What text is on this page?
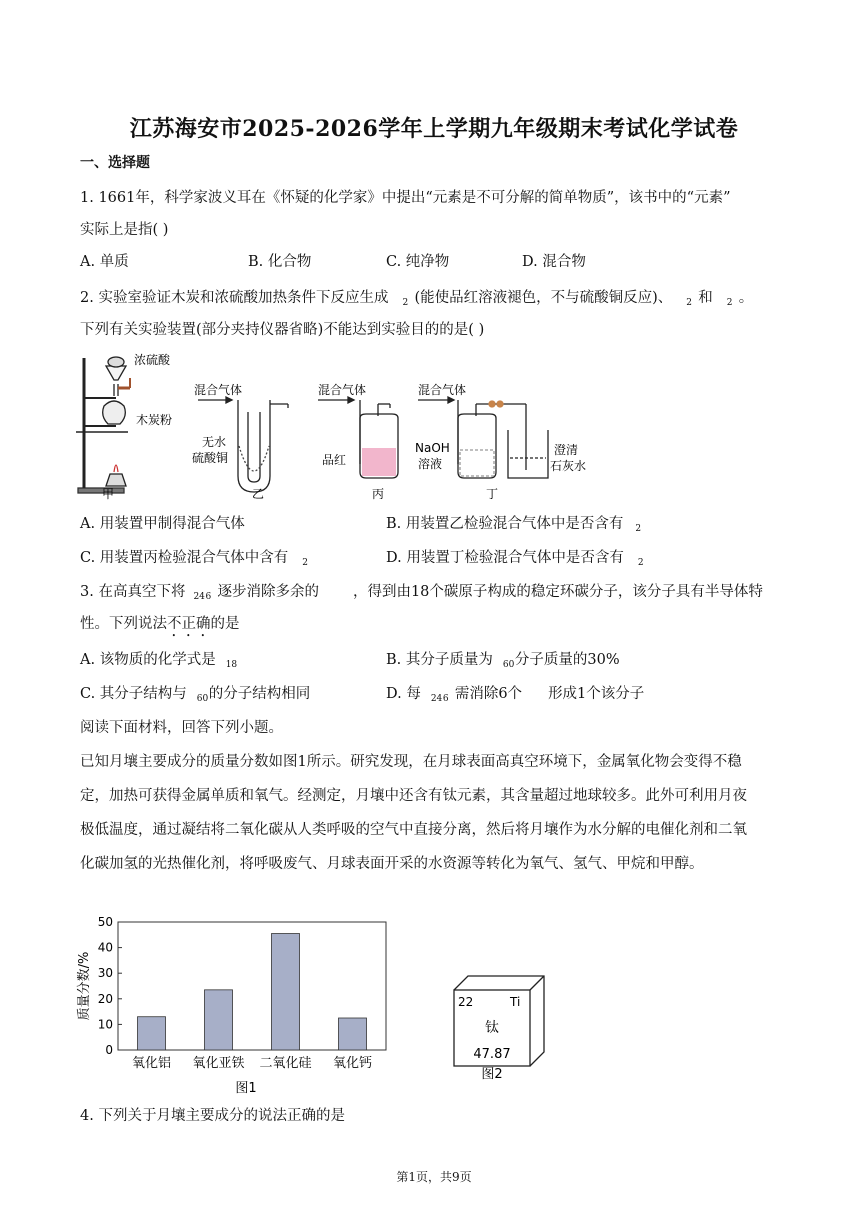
江苏海安市2025-2026学年上学期九年级期末考试化学试卷
一、选择题
1. 1661年，科学家波义耳在《怀疑的化学家》中提出“元素是不可分解的简单物质”，该书中的“元素”
实际上是指( )
A. 单质	B. 化合物	C. 纯净物	D. 混合物
2. 实验室验证木炭和浓硫酸加热条件下反应生成 2 (能使品红溶液褪色，不与硫酸铜反应)、 2 和 2 。
下列有关实验装置(部分夹持仪器省略)不能达到实验目的的是( )
浓硫酸
木炭粉
混合气体
无水
硫酸铜
混合气体
品红
混合气体
NaOH
溶液
澄清
石灰水
甲	乙	丙	丁
A. 用装置甲制得混合气体	B. 用装置乙检验混合气体中是否含有 2
C. 用装置丙检验混合气体中含有 2	D. 用装置丁检验混合气体中是否含有 2
3. 在高真空下将 246 逐步消除多余的 ，得到由18个碳原子构成的稳定环碳分子，该分子具有半导体特
性。下列说法不正确的是
A. 该物质的化学式是 18	B. 其分子质量为 60分子质量的30%
C. 其分子结构与 60的分子结构相同	D. 每 246 需消除6个 形成1个该分子
阅读下面材料，回答下列小题。
已知月壤主要成分的质量分数如图1所示。研究发现，在月球表面高真空环境下，金属氧化物会变得不稳
定，加热可获得金属单质和氧气。经测定，月壤中还含有钛元素，其含量超过地球较多。此外可利用月夜
极低温度，通过凝结将二氧化碳从人类呼吸的空气中直接分离，然后将月壤作为水分解的电催化剂和二氧
化碳加氢的光热催化剂，将呼吸废气、月球表面开采的水资源等转化为氧气、氢气、甲烷和甲醇。
0
10
20
30
40
50
氧化铝 氧化亚铁 二氧化硅 氧化钙
质量分数/%
图1
22	Ti
钛
47.87
图2
4. 下列关于月壤主要成分的说法正确的是
第1页，共9页
